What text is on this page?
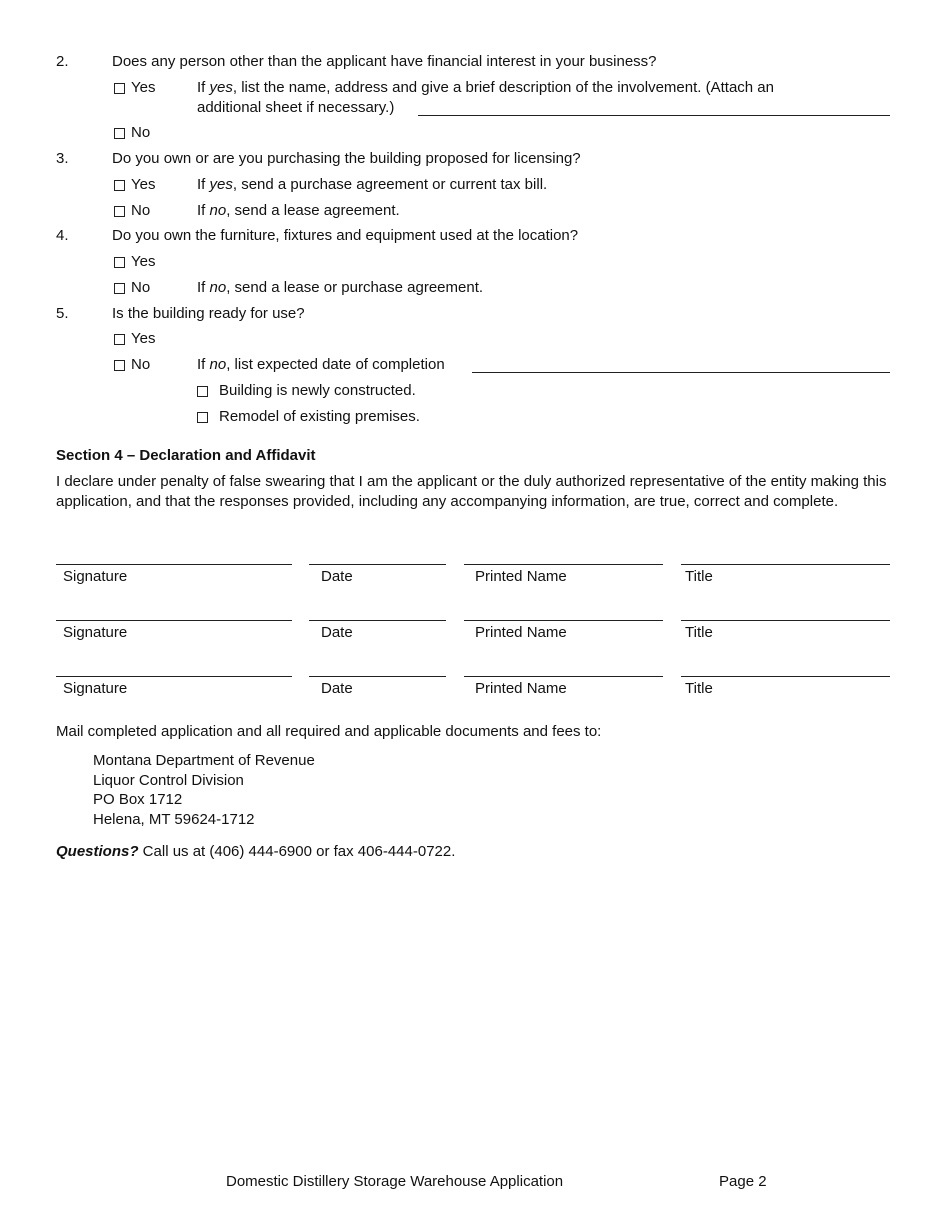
2.	Does any person other than the applicant have financial interest in your business?
Yes	If yes, list the name, address and give a brief description of the involvement. (Attach an
additional sheet if necessary.)
No
3.	Do you own or are you purchasing the building proposed for licensing?
Yes	If yes, send a purchase agreement or current tax bill.
No	If no, send a lease agreement.
4.	Do you own the furniture, fixtures and equipment used at the location?
Yes
No	If no, send a lease or purchase agreement.
5.	Is the building ready for use?
Yes
No	If no, list expected date of completion
Building is newly constructed.
Remodel of existing premises.
Section 4 – Declaration and Affidavit
I declare under penalty of false swearing that I am the applicant or the duly authorized representative of the entity making this application, and that the responses provided, including any accompanying information, are true, correct and complete.
Signature	Date	Printed Name	Title
Signature	Date	Printed Name	Title
Signature	Date	Printed Name	Title
Mail completed application and all required and applicable documents and fees to:
Montana Department of Revenue
Liquor Control Division
PO Box 1712
Helena, MT 59624-1712
Questions? Call us at (406) 444-6900 or fax 406-444-0722.
Domestic Distillery Storage Warehouse Application	Page 2
